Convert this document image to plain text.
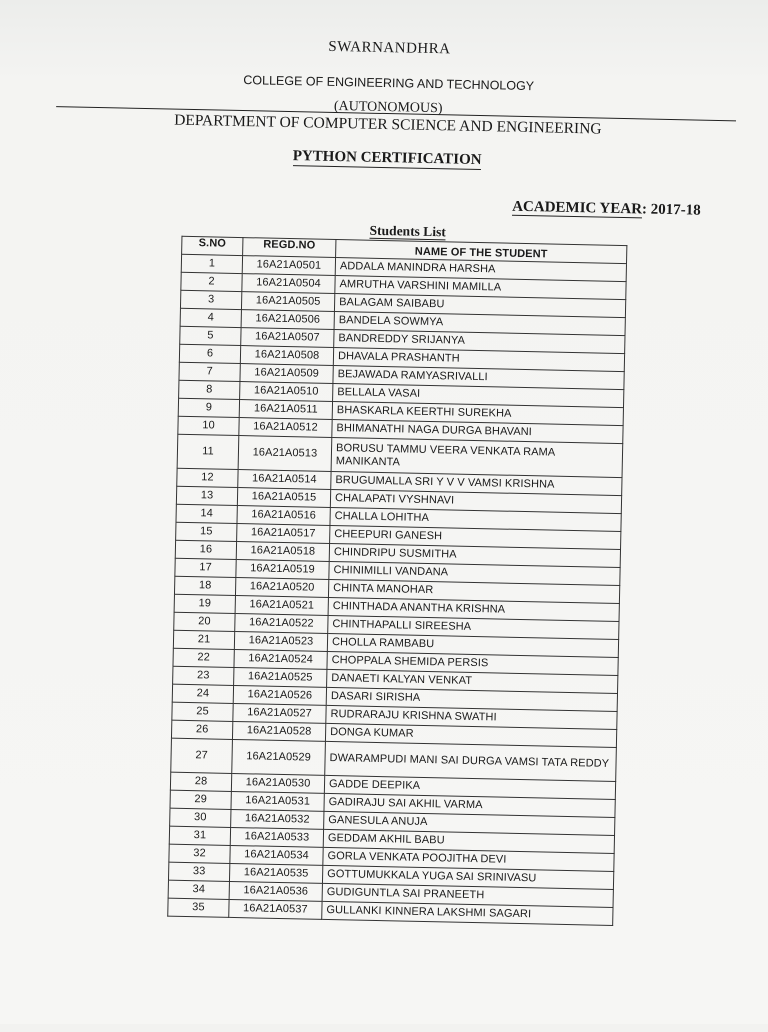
SWARNANDHRA
COLLEGE OF ENGINEERING AND TECHNOLOGY
(AUTONOMOUS)
DEPARTMENT OF COMPUTER SCIENCE AND ENGINEERING
PYTHON CERTIFICATION
ACADEMIC YEAR: 2017-18
Students List
S.NO	REGD.NO	NAME OF THE STUDENT
1	16A21A0501	ADDALA MANINDRA HARSHA
2	16A21A0504	AMRUTHA VARSHINI MAMILLA
3	16A21A0505	BALAGAM SAIBABU
4	16A21A0506	BANDELA SOWMYA
5	16A21A0507	BANDREDDY SRIJANYA
6	16A21A0508	DHAVALA PRASHANTH
7	16A21A0509	BEJAWADA RAMYASRIVALLI
8	16A21A0510	BELLALA VASAI
9	16A21A0511	BHASKARLA KEERTHI SUREKHA
10	16A21A0512	BHIMANATHI NAGA DURGA BHAVANI
11	16A21A0513	BORUSU TAMMU VEERA VENKATA RAMA MANIKANTA
12	16A21A0514	BRUGUMALLA SRI Y V V VAMSI KRISHNA
13	16A21A0515	CHALAPATI VYSHNAVI
14	16A21A0516	CHALLA LOHITHA
15	16A21A0517	CHEEPURI GANESH
16	16A21A0518	CHINDRIPU SUSMITHA
17	16A21A0519	CHINIMILLI VANDANA
18	16A21A0520	CHINTA MANOHAR
19	16A21A0521	CHINTHADA ANANTHA KRISHNA
20	16A21A0522	CHINTHAPALLI SIREESHA
21	16A21A0523	CHOLLA RAMBABU
22	16A21A0524	CHOPPALA SHEMIDA PERSIS
23	16A21A0525	DANAETI KALYAN VENKAT
24	16A21A0526	DASARI SIRISHA
25	16A21A0527	RUDRARAJU KRISHNA SWATHI
26	16A21A0528	DONGA KUMAR
27	16A21A0529	DWARAMPUDI MANI SAI DURGA VAMSI TATA REDDY
28	16A21A0530	GADDE DEEPIKA
29	16A21A0531	GADIRAJU SAI AKHIL VARMA
30	16A21A0532	GANESULA ANUJA
31	16A21A0533	GEDDAM AKHIL BABU
32	16A21A0534	GORLA VENKATA POOJITHA DEVI
33	16A21A0535	GOTTUMUKKALA YUGA SAI SRINIVASU
34	16A21A0536	GUDIGUNTLA SAI PRANEETH
35	16A21A0537	GULLANKI KINNERA LAKSHMI SAGARI
